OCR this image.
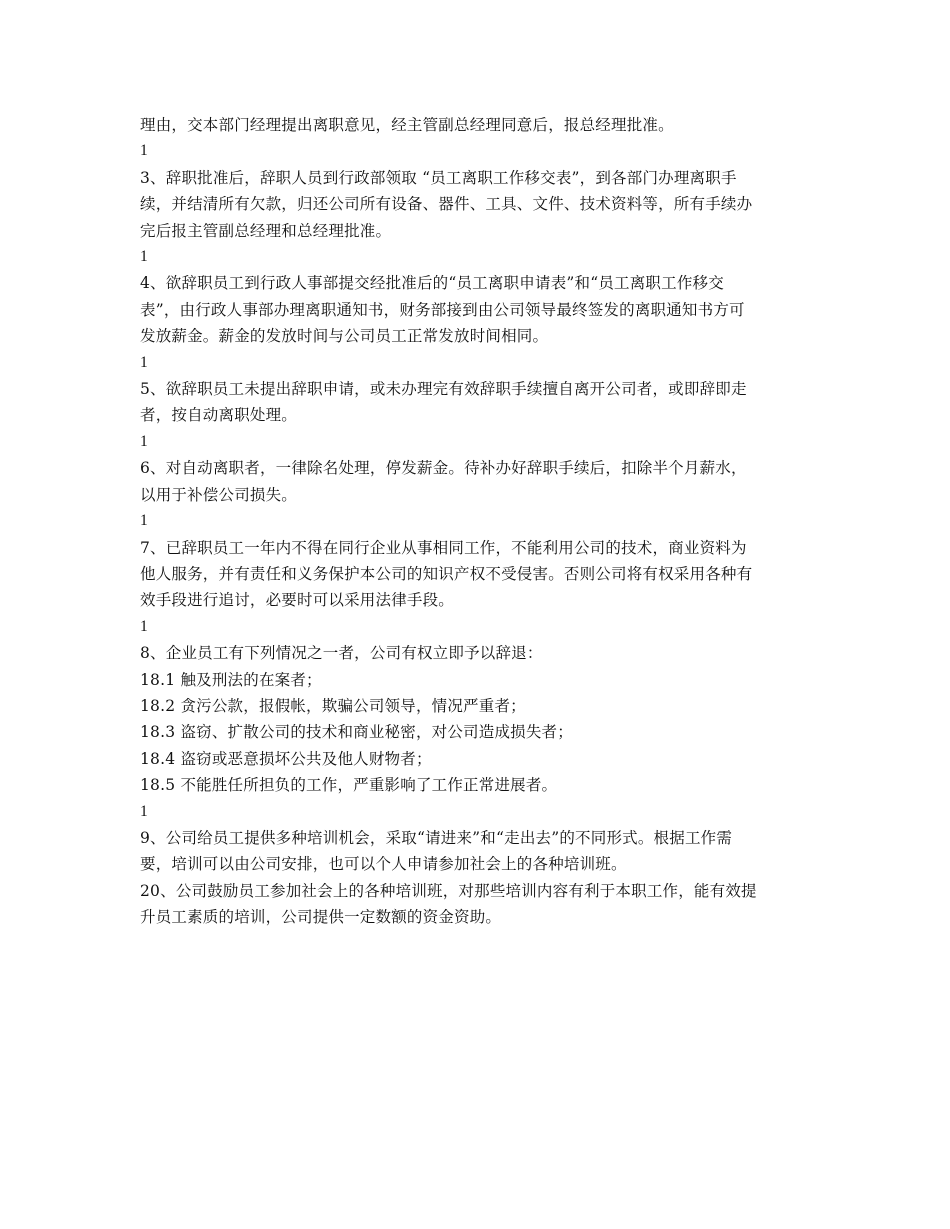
理由，交本部门经理提出离职意见，经主管副总经理同意后，报总经理批准。

1

3、辞职批准后，辞职人员到行政部领取 “员工离职工作移交表”，到各部门办理离职手

续，并结清所有欠款，归还公司所有设备、器件、工具、文件、技术资料等，所有手续办

完后报主管副总经理和总经理批准。

1

4、欲辞职员工到行政人事部提交经批准后的“员工离职申请表”和“员工离职工作移交

表”，由行政人事部办理离职通知书，财务部接到由公司领导最终签发的离职通知书方可

发放薪金。薪金的发放时间与公司员工正常发放时间相同。

1

5、欲辞职员工未提出辞职申请，或未办理完有效辞职手续擅自离开公司者，或即辞即走

者，按自动离职处理。

1

6、对自动离职者，一律除名处理，停发薪金。待补办好辞职手续后，扣除半个月薪水，

以用于补偿公司损失。

1

7、已辞职员工一年内不得在同行企业从事相同工作，不能利用公司的技术，商业资料为

他人服务，并有责任和义务保护本公司的知识产权不受侵害。否则公司将有权采用各种有

效手段进行追讨，必要时可以采用法律手段。

1

8、企业员工有下列情况之一者，公司有权立即予以辞退：

18.1 触及刑法的在案者；

18.2 贪污公款，报假帐，欺骗公司领导，情况严重者；

18.3 盗窃、扩散公司的技术和商业秘密，对公司造成损失者；

18.4 盗窃或恶意损坏公共及他人财物者；

18.5 不能胜任所担负的工作，严重影响了工作正常进展者。

1

9、公司给员工提供多种培训机会，采取“请进来”和“走出去”的不同形式。根据工作需

要，培训可以由公司安排，也可以个人申请参加社会上的各种培训班。

20、公司鼓励员工参加社会上的各种培训班，对那些培训内容有利于本职工作，能有效提

升员工素质的培训，公司提供一定数额的资金资助。
